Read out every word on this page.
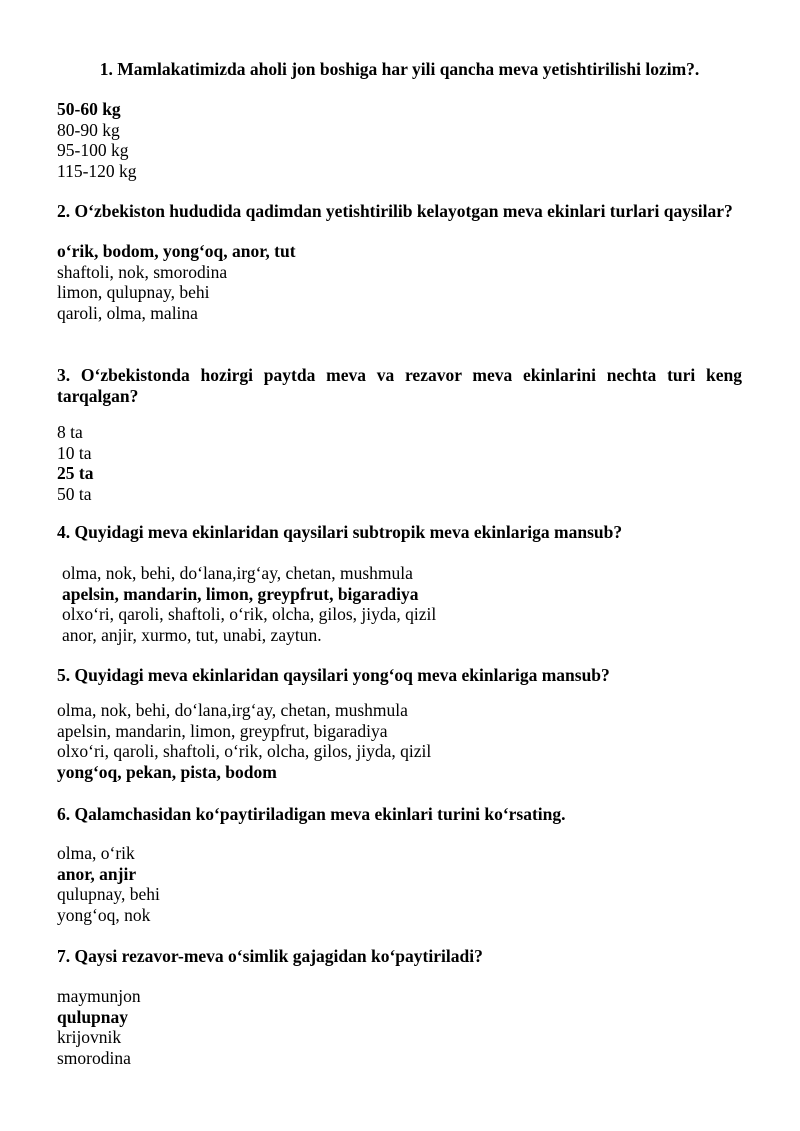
1. Mamlakatimizda aholi jon boshiga har yili qancha meva yetishtirilishi lozim?.

50-60 kg
80-90 kg
95-100 kg
115-120 kg

2. O‘zbekiston hududida qadimdan yetishtirilib kelayotgan meva ekinlari turlari qaysilar?

o‘rik, bodom, yong‘oq, anor, tut
shaftoli, nok, smorodina
limon, qulupnay, behi
qaroli, olma, malina

3. O‘zbekistonda hozirgi paytda meva va rezavor meva ekinlarini nechta turi keng tarqalgan?

8 ta
10 ta
25 ta
50 ta

4. Quyidagi meva ekinlaridan qaysilari subtropik meva ekinlariga mansub?

olma, nok, behi, do‘lana,irg‘ay, chetan, mushmula
apelsin, mandarin, limon, greypfrut, bigaradiya
olxo‘ri, qaroli, shaftoli, o‘rik, olcha, gilos, jiyda, qizil
anor, anjir, xurmo, tut, unabi, zaytun.

5. Quyidagi meva ekinlaridan qaysilari yong‘oq meva ekinlariga mansub?

olma, nok, behi, do‘lana,irg‘ay, chetan, mushmula
apelsin, mandarin, limon, greypfrut, bigaradiya
olxo‘ri, qaroli, shaftoli, o‘rik, olcha, gilos, jiyda, qizil
yong‘oq, pekan, pista, bodom

6. Qalamchasidan ko‘paytiriladigan meva ekinlari turini ko‘rsating.

olma, o‘rik
anor, anjir
qulupnay, behi
yong‘oq, nok

7. Qaysi rezavor-meva o‘simlik gajagidan ko‘paytiriladi?

maymunjon
qulupnay
krijovnik
smorodina
